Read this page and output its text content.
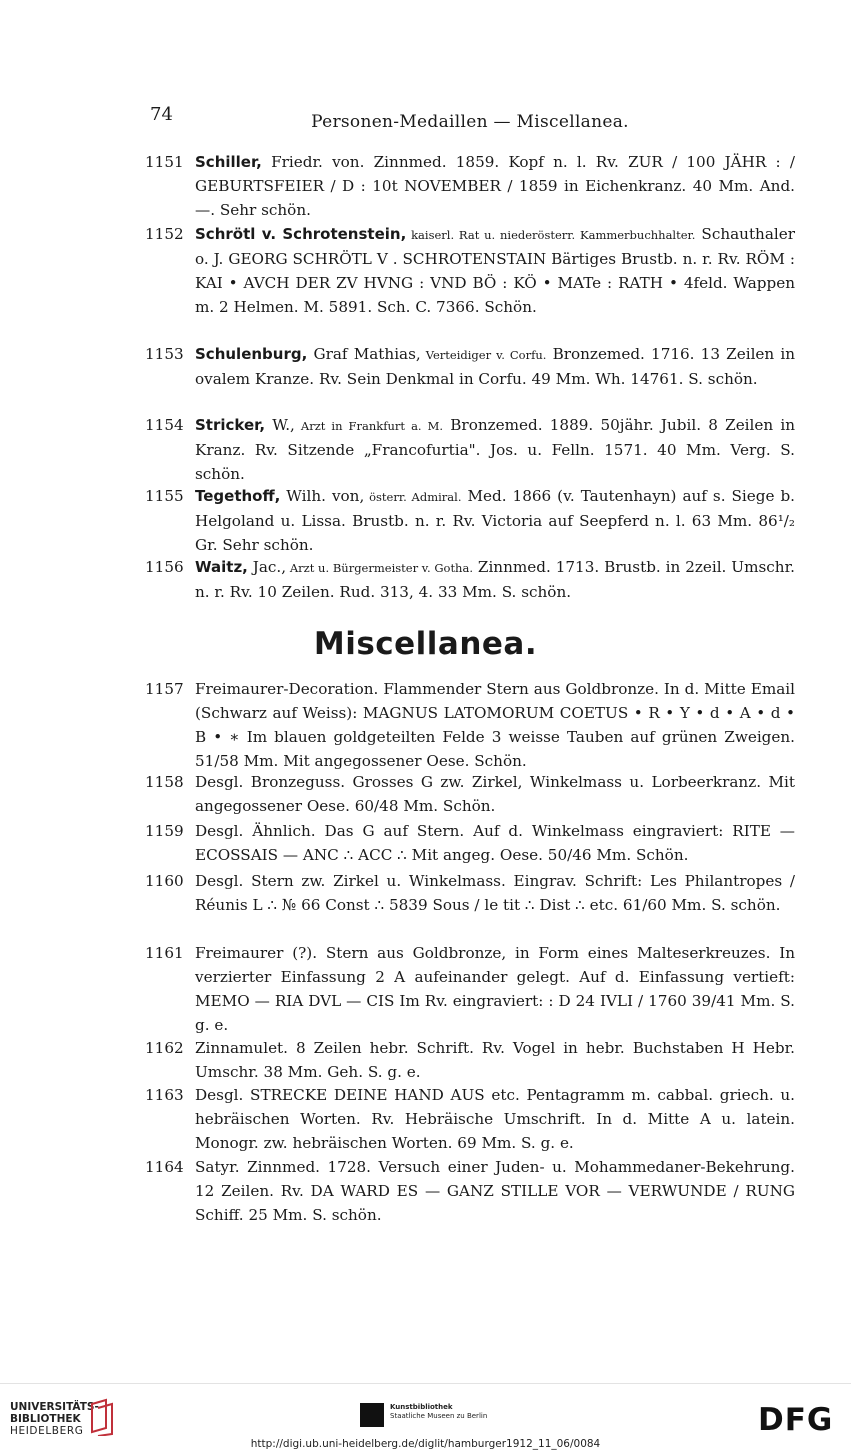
74	Personen-Medaillen — Miscellanea.
1151 Schiller, Friedr. von. Zinnmed. 1859. Kopf n. l. Rv. ZUR / 100 JÄHR : / GEBURTSFEIER / D : 10t NOVEMBER / 1859 in Eichenkranz. 40 Mm. And. —. Sehr schön.
1152 Schrötl v. Schrotenstein, kaiserl. Rat u. niederösterr. Kammerbuchhalter. Schauthaler o. J. GEORG SCHRÖTL V . SCHROTENSTAIN Bärtiges Brustb. n. r. Rv. RÖM : KAI • AVCH DER ZV HVNG : VND BÖ : KÖ • MATe : RATH • 4feld. Wappen m. 2 Helmen. M. 5891. Sch. C. 7366. Schön.
1153 Schulenburg, Graf Mathias, Verteidiger v. Corfu. Bronzemed. 1716. 13 Zeilen in ovalem Kranze. Rv. Sein Denkmal in Corfu. 49 Mm. Wh. 14761. S. schön.
1154 Stricker, W., Arzt in Frankfurt a. M. Bronzemed. 1889. 50jähr. Jubil. 8 Zeilen in Kranz. Rv. Sitzende „Francofurtia". Jos. u. Felln. 1571. 40 Mm. Verg. S. schön.
1155 Tegethoff, Wilh. von, österr. Admiral. Med. 1866 (v. Tautenhayn) auf s. Siege b. Helgoland u. Lissa. Brustb. n. r. Rv. Victoria auf Seepferd n. l. 63 Mm. 86¹/₂ Gr. Sehr schön.
1156 Waitz, Jac., Arzt u. Bürgermeister v. Gotha. Zinnmed. 1713. Brustb. in 2zeil. Umschr. n. r. Rv. 10 Zeilen. Rud. 313, 4. 33 Mm. S. schön.
Miscellanea.
1157 Freimaurer-Decoration. Flammender Stern aus Goldbronze. In d. Mitte Email (Schwarz auf Weiss): MAGNUS LATOMORUM COETUS • R • Y • d • A • d • B • ∗ Im blauen goldgeteilten Felde 3 weisse Tauben auf grünen Zweigen. 51/58 Mm. Mit angegossener Oese. Schön.
1158 Desgl. Bronzeguss. Grosses G zw. Zirkel, Winkelmass u. Lorbeerkranz. Mit angegossener Oese. 60/48 Mm. Schön.
1159 Desgl. Ähnlich. Das G auf Stern. Auf d. Winkelmass eingraviert: RITE — ECOSSAIS — ANC ∴ ACC ∴ Mit angeg. Oese. 50/46 Mm. Schön.
1160 Desgl. Stern zw. Zirkel u. Winkelmass. Eingrav. Schrift: Les Philantropes / Réunis L ∴ № 66 Const ∴ 5839 Sous / le tit ∴ Dist ∴ etc. 61/60 Mm. S. schön.
1161 Freimaurer (?). Stern aus Goldbronze, in Form eines Malteserkreuzes. In verzierter Einfassung 2 A aufeinander gelegt. Auf d. Einfassung vertieft: MEMO — RIA DVL — CIS Im Rv. eingraviert: : D 24 IVLI / 1760 39/41 Mm. S. g. e.
1162 Zinnamulet. 8 Zeilen hebr. Schrift. Rv. Vogel in hebr. Buchstaben H Hebr. Umschr. 38 Mm. Geh. S. g. e.
1163 Desgl. STRECKE DEINE HAND AUS etc. Pentagramm m. cabbal. griech. u. hebräischen Worten. Rv. Hebräische Umschrift. In d. Mitte A u. latein. Monogr. zw. hebräischen Worten. 69 Mm. S. g. e.
1164 Satyr. Zinnmed. 1728. Versuch einer Juden- u. Mohammedaner-Bekehrung. 12 Zeilen. Rv. DA WARD ES — GANZ STILLE VOR — VERWUNDE / RUNG Schiff. 25 Mm. S. schön.
UNIVERSITÄTS-
BIBLIOTHEK
HEIDELBERG
Kunstbibliothek
Staatliche Museen zu Berlin	DFG
http://digi.ub.uni-heidelberg.de/diglit/hamburger1912_11_06/0084
